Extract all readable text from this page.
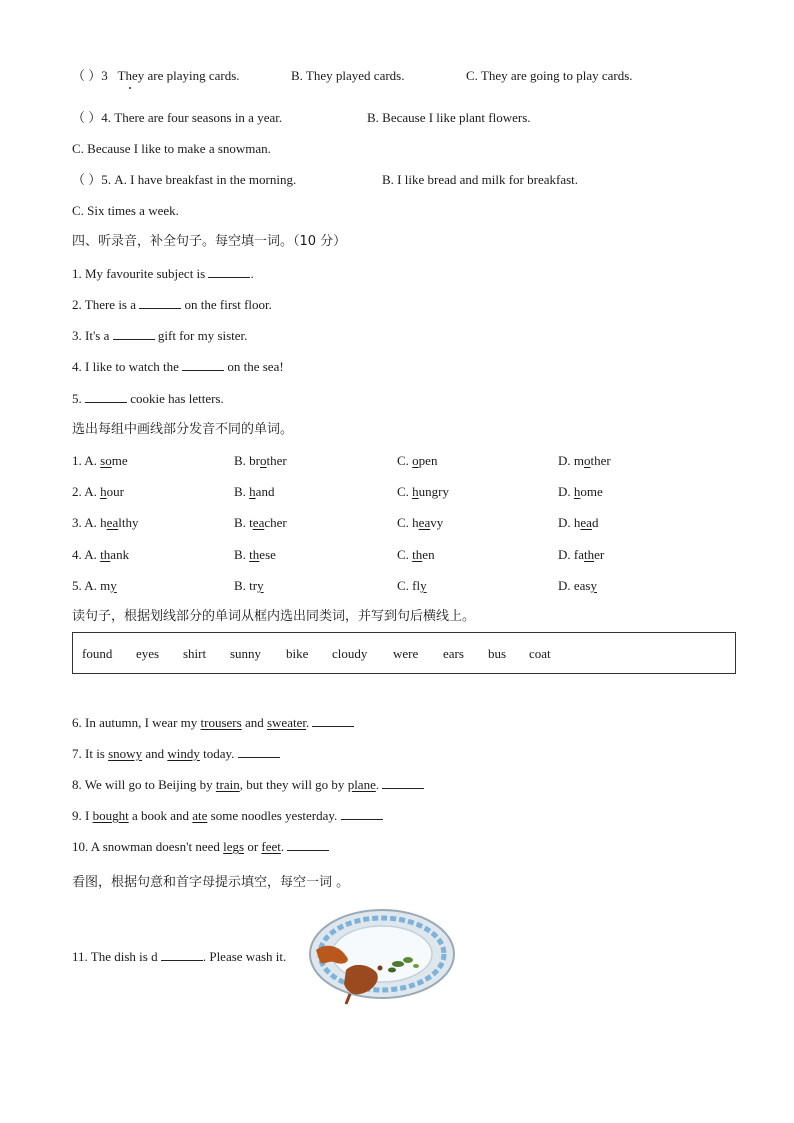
（ ）3 They are playing cards.	B. They played cards.	C. They are going to play cards.
（ ）4. There are four seasons in a year.	B. Because I like plant flowers.
C. Because I like to make a snowman.
（ ）5. A. I have breakfast in the morning.	B. I like bread and milk for breakfast.
C. Six times a week.
四、听录音，补全句子。每空填一词。（10 分）
1. My favourite subject is	.
2. There is a	on the first floor.
3. It's a	gift for my sister.
4. I like to watch the	on the sea!
5.	cookie has letters.
选出每组中画线部分发音不同的单词。
1. A. some	B. brother	C. open	D. mother
2. A. hour	B. hand	C. hungry	D. home
3. A. healthy	B. teacher	C. heavy	D. head
4. A. thank	B. these	C. then	D. father
5. A. my	B. try	C. fly	D. easy
读句子，根据划线部分的单词从框内选出同类词，并写到句后横线上。
found eyes shirt sunny bike cloudy were ears bus coat
6. In autumn, I wear my trousers and sweater.
7. It is snowy and windy today.
8. We will go to Beijing by train, but they will go by plane.
9. I bought a book and ate some noodles yesterday.
10. A snowman doesn't need legs or feet.
看图，根据句意和首字母提示填空，每空一词 。
11. The dish is d	. Please wash it.
